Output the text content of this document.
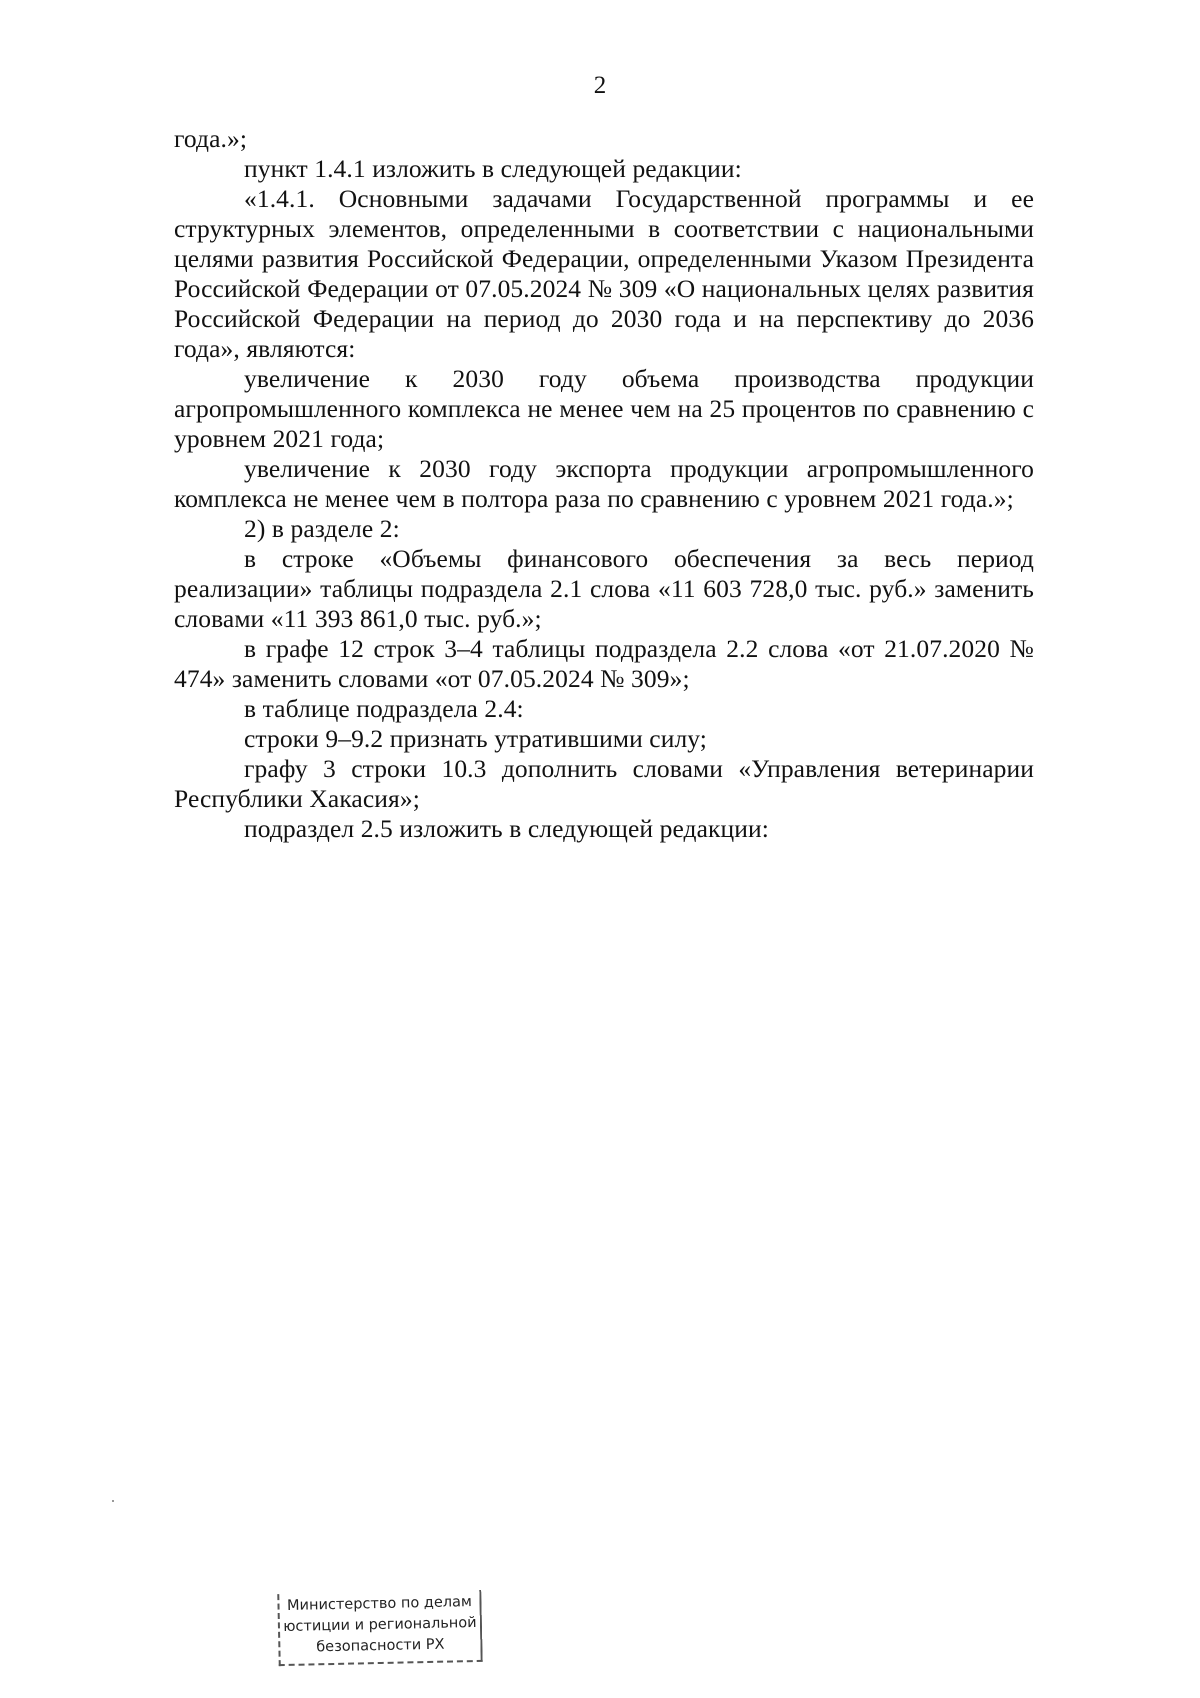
2

года.»;

пункт 1.4.1 изложить в следующей редакции:

«1.4.1. Основными задачами Государственной программы и ее структурных элементов, определенными в соответствии с национальными целями развития Российской Федерации, определенными Указом Президента Российской Федерации от 07.05.2024 № 309 «О национальных целях развития Российской Федерации на период до 2030 года и на перспективу до 2036 года», являются:

увеличение к 2030 году объема производства продукции агропромышленного комплекса не менее чем на 25 процентов по сравнению с уровнем 2021 года;

увеличение к 2030 году экспорта продукции агропромышленного комплекса не менее чем в полтора раза по сравнению с уровнем 2021 года.»;

2) в разделе 2:

в строке «Объемы финансового обеспечения за весь период реализации» таблицы подраздела 2.1 слова «11 603 728,0 тыс. руб.» заменить словами «11 393 861,0 тыс. руб.»;

в графе 12 строк 3–4 таблицы подраздела 2.2 слова «от 21.07.2020 № 474» заменить словами «от 07.05.2024 № 309»;

в таблице подраздела 2.4:

строки 9–9.2 признать утратившими силу;

графу 3 строки 10.3 дополнить словами «Управления ветеринарии Республики Хакасия»;

подраздел 2.5 изложить в следующей редакции:

Министерство по делам
юстиции и региональной
безопасности РХ
